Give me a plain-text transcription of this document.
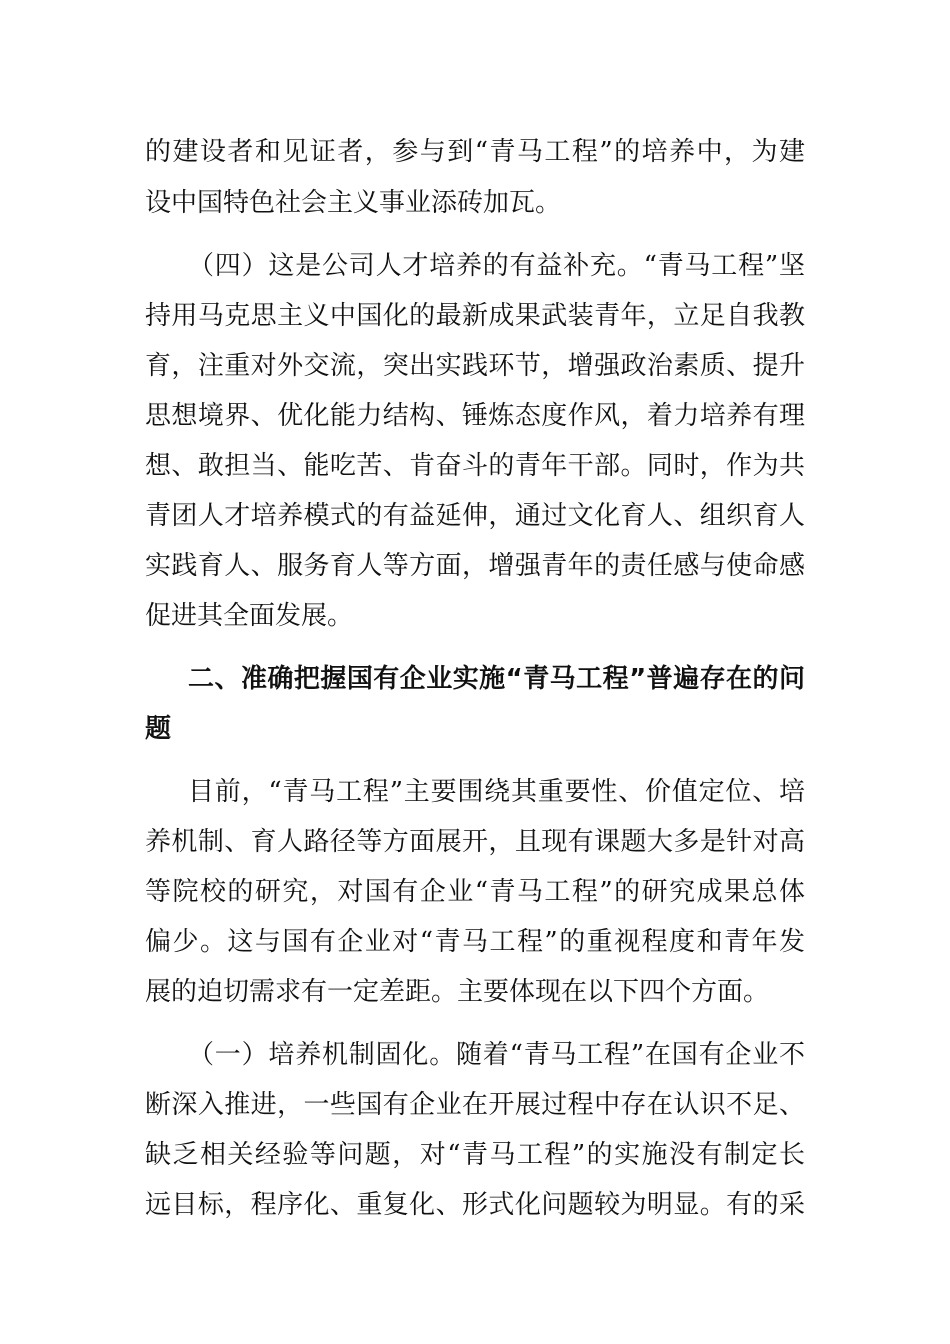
的建设者和见证者，参与到“青马工程”的培养中，为建
设中国特色社会主义事业添砖加瓦。
（四）这是公司人才培养的有益补充。“青马工程”坚
持用马克思主义中国化的最新成果武装青年，立足自我教
育，注重对外交流，突出实践环节，增强政治素质、提升
思想境界、优化能力结构、锤炼态度作风，着力培养有理
想、敢担当、能吃苦、肯奋斗的青年干部。同时，作为共
青团人才培养模式的有益延伸，通过文化育人、组织育人
实践育人、服务育人等方面，增强青年的责任感与使命感
促进其全面发展。
二、准确把握国有企业实施“青马工程”普遍存在的问
题
目前，“青马工程”主要围绕其重要性、价值定位、培
养机制、育人路径等方面展开，且现有课题大多是针对高
等院校的研究，对国有企业“青马工程”的研究成果总体
偏少。这与国有企业对“青马工程”的重视程度和青年发
展的迫切需求有一定差距。主要体现在以下四个方面。
（一）培养机制固化。随着“青马工程”在国有企业不
断深入推进，一些国有企业在开展过程中存在认识不足、
缺乏相关经验等问题，对“青马工程”的实施没有制定长
远目标，程序化、重复化、形式化问题较为明显。有的采
